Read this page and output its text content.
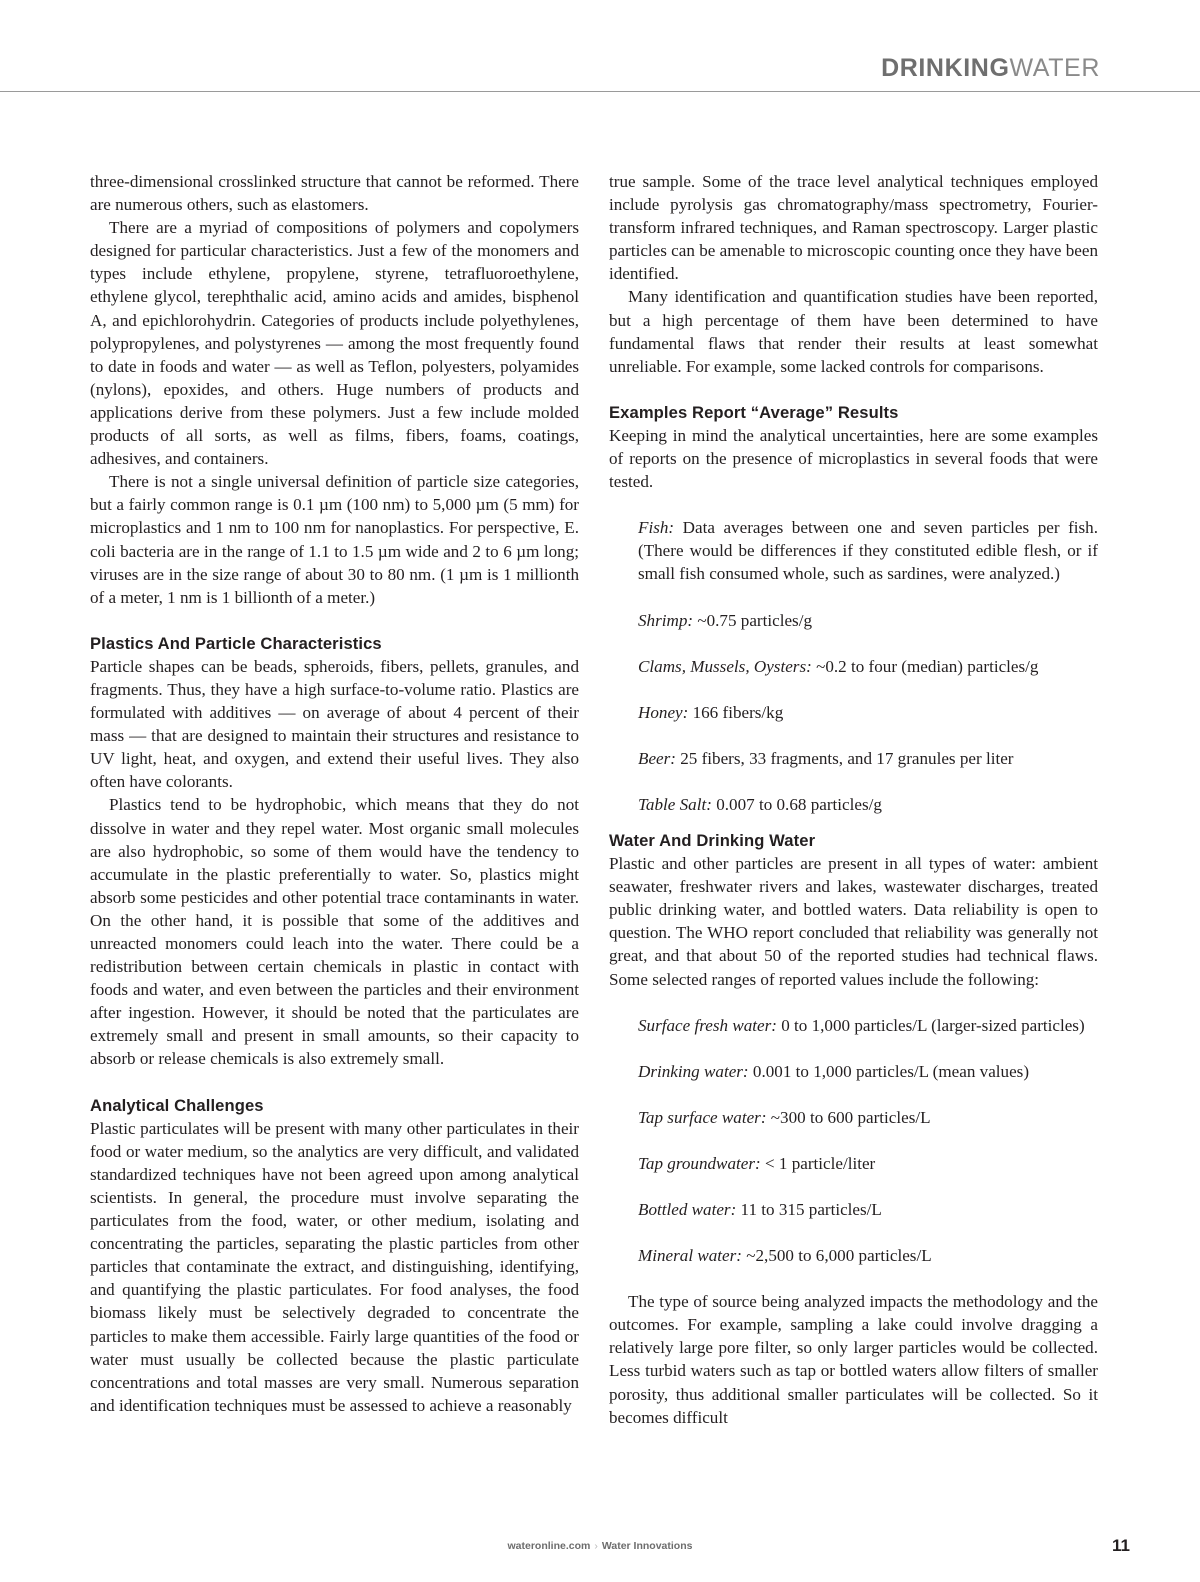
DRINKINGWATER

three-dimensional crosslinked structure that cannot be reformed. There are numerous others, such as elastomers.

There are a myriad of compositions of polymers and copolymers designed for particular characteristics. Just a few of the monomers and types include ethylene, propylene, styrene, tetrafluoroethylene, ethylene glycol, terephthalic acid, amino acids and amides, bisphenol A, and epichlorohydrin. Categories of products include polyethylenes, polypropylenes, and polystyrenes — among the most frequently found to date in foods and water — as well as Teflon, polyesters, polyamides (nylons), epoxides, and others. Huge numbers of products and applications derive from these polymers. Just a few include molded products of all sorts, as well as films, fibers, foams, coatings, adhesives, and containers.

There is not a single universal definition of particle size categories, but a fairly common range is 0.1 µm (100 nm) to 5,000 µm (5 mm) for microplastics and 1 nm to 100 nm for nanoplastics. For perspective, E. coli bacteria are in the range of 1.1 to 1.5 µm wide and 2 to 6 µm long; viruses are in the size range of about 30 to 80 nm. (1 µm is 1 millionth of a meter, 1 nm is 1 billionth of a meter.)

Plastics And Particle Characteristics

Particle shapes can be beads, spheroids, fibers, pellets, granules, and fragments. Thus, they have a high surface-to-volume ratio. Plastics are formulated with additives — on average of about 4 percent of their mass — that are designed to maintain their structures and resistance to UV light, heat, and oxygen, and extend their useful lives. They also often have colorants.

Plastics tend to be hydrophobic, which means that they do not dissolve in water and they repel water. Most organic small molecules are also hydrophobic, so some of them would have the tendency to accumulate in the plastic preferentially to water. So, plastics might absorb some pesticides and other potential trace contaminants in water. On the other hand, it is possible that some of the additives and unreacted monomers could leach into the water. There could be a redistribution between certain chemicals in plastic in contact with foods and water, and even between the particles and their environment after ingestion. However, it should be noted that the particulates are extremely small and present in small amounts, so their capacity to absorb or release chemicals is also extremely small.

Analytical Challenges

Plastic particulates will be present with many other particulates in their food or water medium, so the analytics are very difficult, and validated standardized techniques have not been agreed upon among analytical scientists. In general, the procedure must involve separating the particulates from the food, water, or other medium, isolating and concentrating the particles, separating the plastic particles from other particles that contaminate the extract, and distinguishing, identifying, and quantifying the plastic particulates. For food analyses, the food biomass likely must be selectively degraded to concentrate the particles to make them accessible. Fairly large quantities of the food or water must usually be collected because the plastic particulate concentrations and total masses are very small. Numerous separation and identification techniques must be assessed to achieve a reasonably

true sample. Some of the trace level analytical techniques employed include pyrolysis gas chromatography/mass spectrometry, Fourier-transform infrared techniques, and Raman spectroscopy. Larger plastic particles can be amenable to microscopic counting once they have been identified.

Many identification and quantification studies have been reported, but a high percentage of them have been determined to have fundamental flaws that render their results at least somewhat unreliable. For example, some lacked controls for comparisons.

Examples Report “Average” Results

Keeping in mind the analytical uncertainties, here are some examples of reports on the presence of microplastics in several foods that were tested.

Fish: Data averages between one and seven particles per fish. (There would be differences if they constituted edible flesh, or if small fish consumed whole, such as sardines, were analyzed.)
Shrimp: ~0.75 particles/g
Clams, Mussels, Oysters: ~0.2 to four (median) particles/g
Honey: 166 fibers/kg
Beer: 25 fibers, 33 fragments, and 17 granules per liter
Table Salt: 0.007 to 0.68 particles/g
Water And Drinking Water

Plastic and other particles are present in all types of water: ambient seawater, freshwater rivers and lakes, wastewater discharges, treated public drinking water, and bottled waters. Data reliability is open to question. The WHO report concluded that reliability was generally not great, and that about 50 of the reported studies had technical flaws. Some selected ranges of reported values include the following:

Surface fresh water: 0 to 1,000 particles/L (larger-sized particles)
Drinking water: 0.001 to 1,000 particles/L (mean values)
Tap surface water: ~300 to 600 particles/L
Tap groundwater: < 1 particle/liter
Bottled water: 11 to 315 particles/L
Mineral water: ~2,500 to 6,000 particles/L

The type of source being analyzed impacts the methodology and the outcomes. For example, sampling a lake could involve dragging a relatively large pore filter, so only larger particles would be collected. Less turbid waters such as tap or bottled waters allow filters of smaller porosity, thus additional smaller particulates will be collected. So it becomes difficult

wateronline.com › Water Innovations	11
